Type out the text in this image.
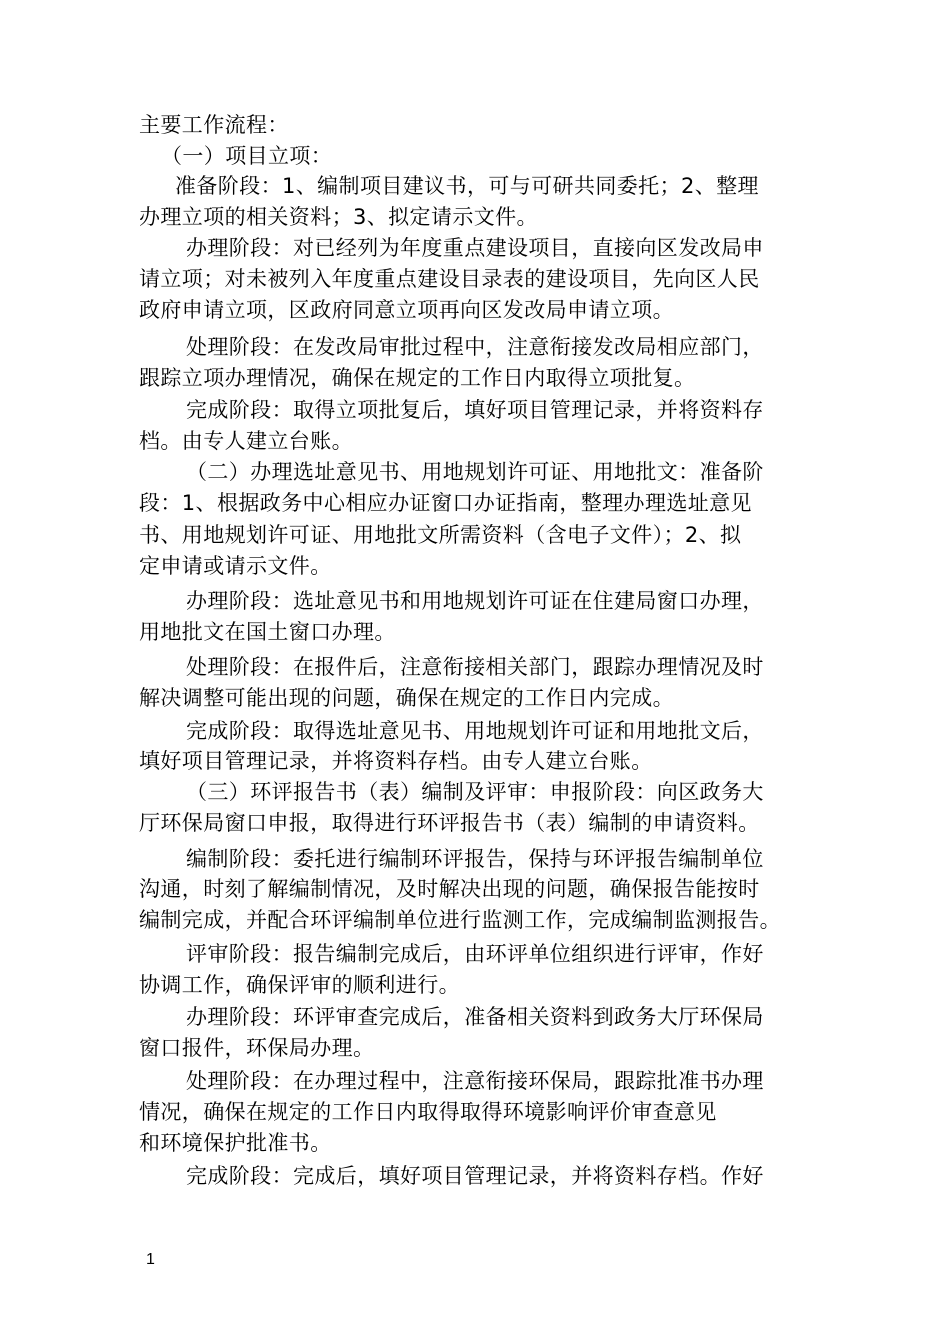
主要工作流程：
（一）项目立项：
准备阶段：1、编制项目建议书，可与可研共同委托；2、整理
办理立项的相关资料；3、拟定请示文件。
办理阶段：对已经列为年度重点建设项目，直接向区发改局申
请立项；对未被列入年度重点建设目录表的建设项目，先向区人民
政府申请立项，区政府同意立项再向区发改局申请立项。
处理阶段：在发改局审批过程中，注意衔接发改局相应部门，
跟踪立项办理情况，确保在规定的工作日内取得立项批复。
完成阶段：取得立项批复后，填好项目管理记录，并将资料存
档。由专人建立台账。
（二）办理选址意见书、用地规划许可证、用地批文：准备阶
段：1、根据政务中心相应办证窗口办证指南，整理办理选址意见
书、用地规划许可证、用地批文所需资料（含电子文件）；2、拟
定申请或请示文件。
办理阶段：选址意见书和用地规划许可证在住建局窗口办理，
用地批文在国土窗口办理。
处理阶段：在报件后，注意衔接相关部门，跟踪办理情况及时
解决调整可能出现的问题，确保在规定的工作日内完成。
完成阶段：取得选址意见书、用地规划许可证和用地批文后，
填好项目管理记录，并将资料存档。由专人建立台账。
（三）环评报告书（表）编制及评审：申报阶段：向区政务大
厅环保局窗口申报，取得进行环评报告书（表）编制的申请资料。
编制阶段：委托进行编制环评报告，保持与环评报告编制单位
沟通，时刻了解编制情况，及时解决出现的问题，确保报告能按时
编制完成，并配合环评编制单位进行监测工作，完成编制监测报告。
评审阶段：报告编制完成后，由环评单位组织进行评审，作好
协调工作，确保评审的顺利进行。
办理阶段：环评审查完成后，准备相关资料到政务大厅环保局
窗口报件，环保局办理。
处理阶段：在办理过程中，注意衔接环保局，跟踪批准书办理
情况，确保在规定的工作日内取得取得环境影响评价审查意见
和环境保护批准书。
完成阶段：完成后，填好项目管理记录，并将资料存档。作好
1
